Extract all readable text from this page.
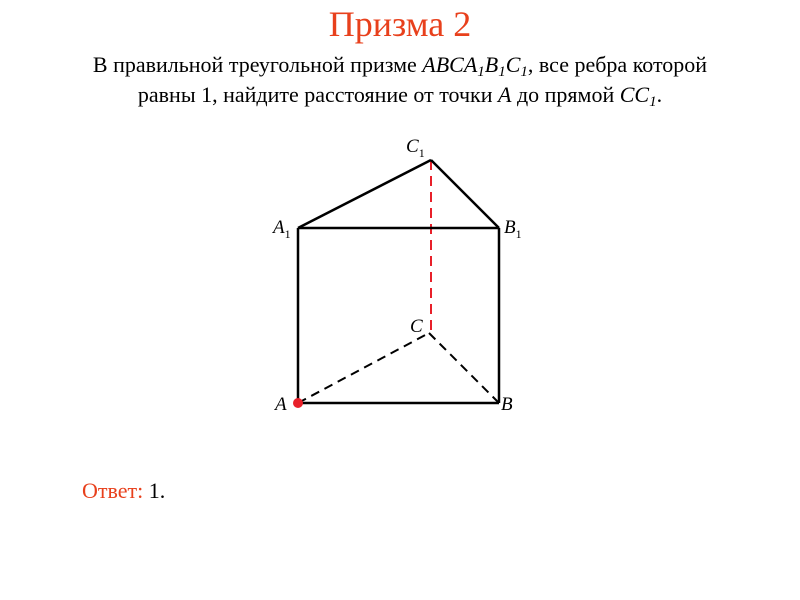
Призма 2
В правильной треугольной призме $ABCA_1B_1C_1$, все ребра которой
равны 1, найдите расстояние от точки A до прямой $CC_1$.
$C_1$
$A_1$	$B_1$
C
A	B
Ответ: 1.
